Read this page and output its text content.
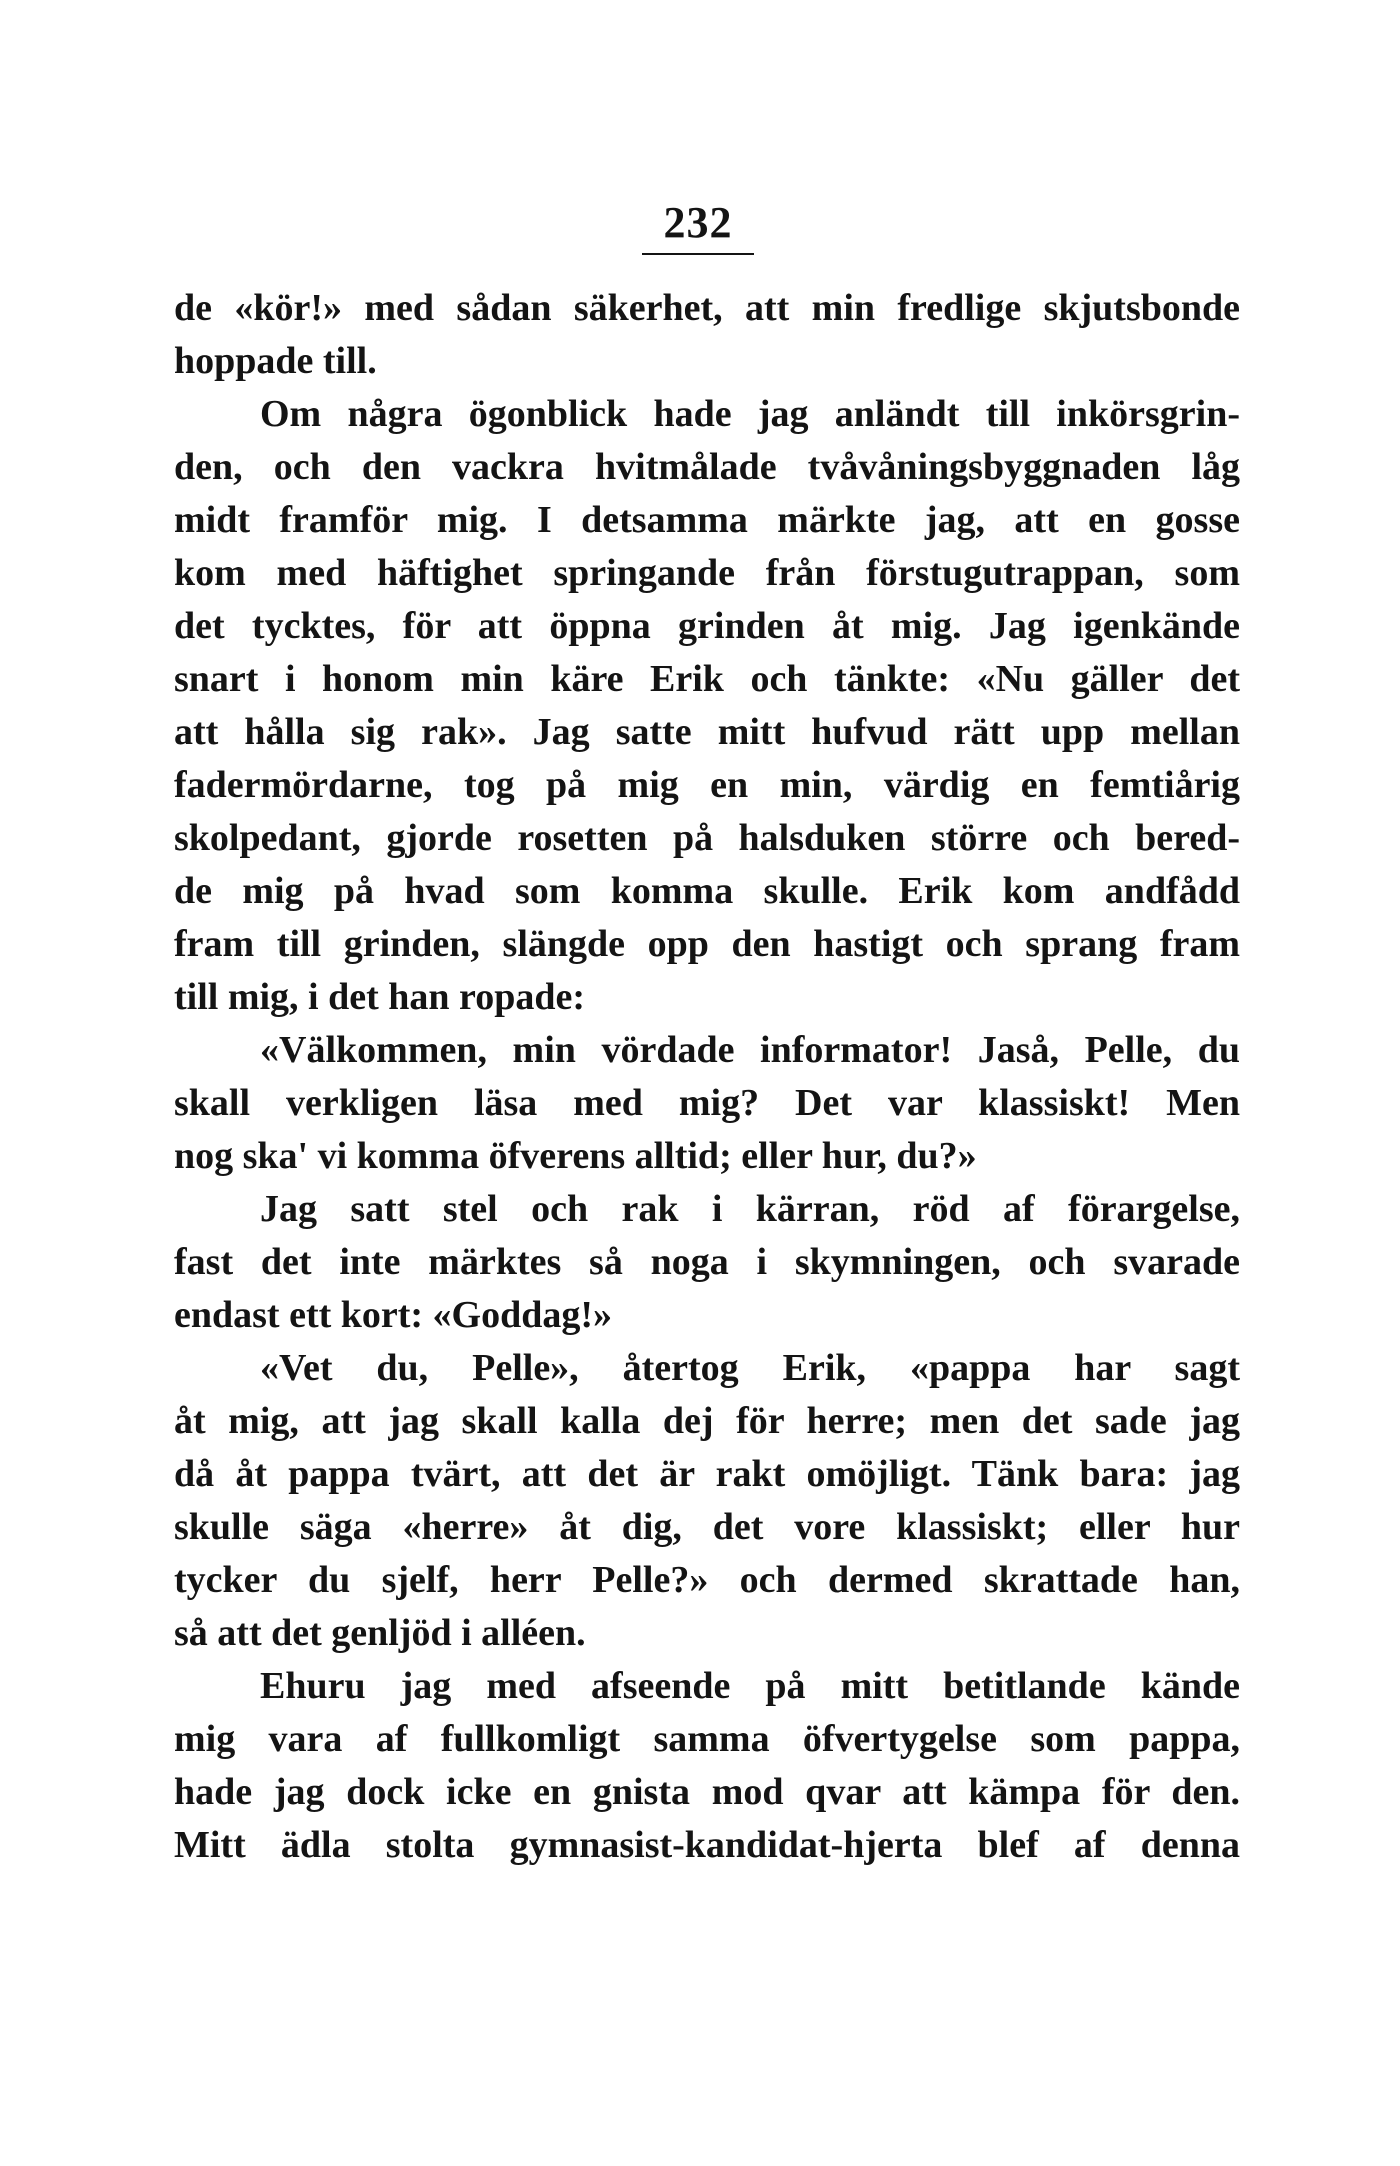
232
de «kör!» med sådan säkerhet, att min fredlige skjutsbonde
hoppade till.
Om några ögonblick hade jag anländt till inkörsgrin-
den, och den vackra hvitmålade tvåvåningsbyggnaden låg
midt framför mig. I detsamma märkte jag, att en gosse
kom med häftighet springande från förstugutrappan, som
det tycktes, för att öppna grinden åt mig. Jag igenkände
snart i honom min käre Erik och tänkte: «Nu gäller det
att hålla sig rak». Jag satte mitt hufvud rätt upp mellan
fadermördarne, tog på mig en min, värdig en femtiårig
skolpedant, gjorde rosetten på halsduken större och bered-
de mig på hvad som komma skulle. Erik kom andfådd
fram till grinden, slängde opp den hastigt och sprang fram
till mig, i det han ropade:
«Välkommen, min vördade informator! Jaså, Pelle, du
skall verkligen läsa med mig? Det var klassiskt! Men
nog ska' vi komma öfverens alltid; eller hur, du?»
Jag satt stel och rak i kärran, röd af förargelse,
fast det inte märktes så noga i skymningen, och svarade
endast ett kort: «Goddag!»
«Vet du, Pelle», återtog Erik, «pappa har sagt
åt mig, att jag skall kalla dej för herre; men det sade jag
då åt pappa tvärt, att det är rakt omöjligt. Tänk bara: jag
skulle säga «herre» åt dig, det vore klassiskt; eller hur
tycker du sjelf, herr Pelle?» och dermed skrattade han,
så att det genljöd i alléen.
Ehuru jag med afseende på mitt betitlande kände
mig vara af fullkomligt samma öfvertygelse som pappa,
hade jag dock icke en gnista mod qvar att kämpa för den.
Mitt ädla stolta gymnasist-kandidat-hjerta blef af denna
